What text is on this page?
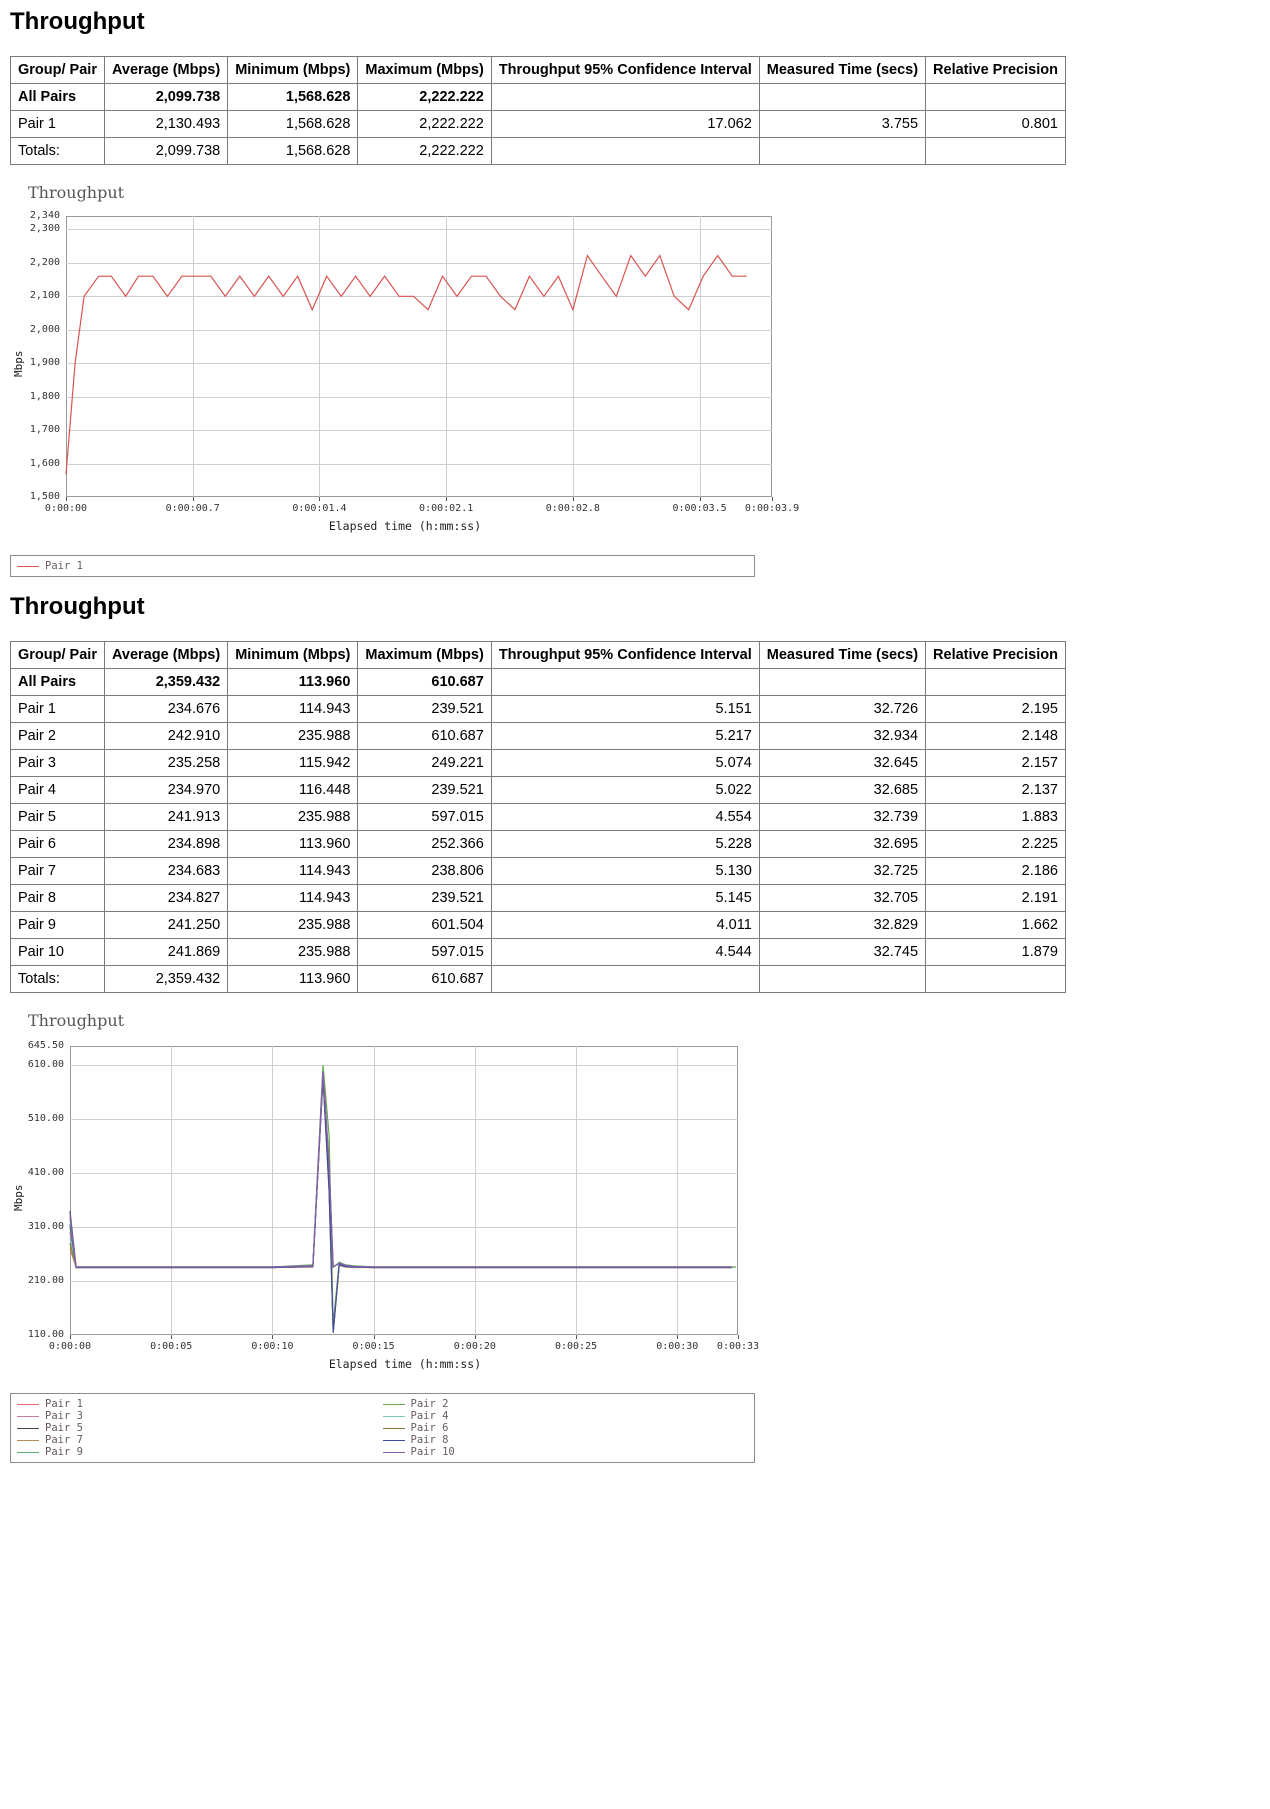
Throughput
Group/ Pair	Average (Mbps)	Minimum (Mbps)	Maximum (Mbps)	Throughput 95% Confidence Interval	Measured Time (secs)	Relative Precision
All Pairs	2,099.738	1,568.628	2,222.222			
Pair 1	2,130.493	1,568.628	2,222.222	17.062	3.755	0.801
Totals:	2,099.738	1,568.628	2,222.222			
Throughput
1,500
1,600
1,700
1,800
1,900
2,000
2,100
2,200
2,300
2,340
0:00:00	0:00:00.7	0:00:01.4	0:00:02.1	0:00:02.8	0:00:03.5	0:00:03.9
Mbps
Elapsed time (h:mm:ss)
Pair 1
Throughput
Group/ Pair	Average (Mbps)	Minimum (Mbps)	Maximum (Mbps)	Throughput 95% Confidence Interval	Measured Time (secs)	Relative Precision
All Pairs	2,359.432	113.960	610.687			
Pair 1	234.676	114.943	239.521	5.151	32.726	2.195
Pair 2	242.910	235.988	610.687	5.217	32.934	2.148
Pair 3	235.258	115.942	249.221	5.074	32.645	2.157
Pair 4	234.970	116.448	239.521	5.022	32.685	2.137
Pair 5	241.913	235.988	597.015	4.554	32.739	1.883
Pair 6	234.898	113.960	252.366	5.228	32.695	2.225
Pair 7	234.683	114.943	238.806	5.130	32.725	2.186
Pair 8	234.827	114.943	239.521	5.145	32.705	2.191
Pair 9	241.250	235.988	601.504	4.011	32.829	1.662
Pair 10	241.869	235.988	597.015	4.544	32.745	1.879
Totals:	2,359.432	113.960	610.687			
Throughput
110.00
210.00
310.00
410.00
510.00
610.00
645.50
0:00:00	0:00:05	0:00:10	0:00:15	0:00:20	0:00:25	0:00:30	0:00:33
Mbps
Elapsed time (h:mm:ss)
Pair 1	Pair 2
Pair 3	Pair 4
Pair 5	Pair 6
Pair 7	Pair 8
Pair 9	Pair 10
